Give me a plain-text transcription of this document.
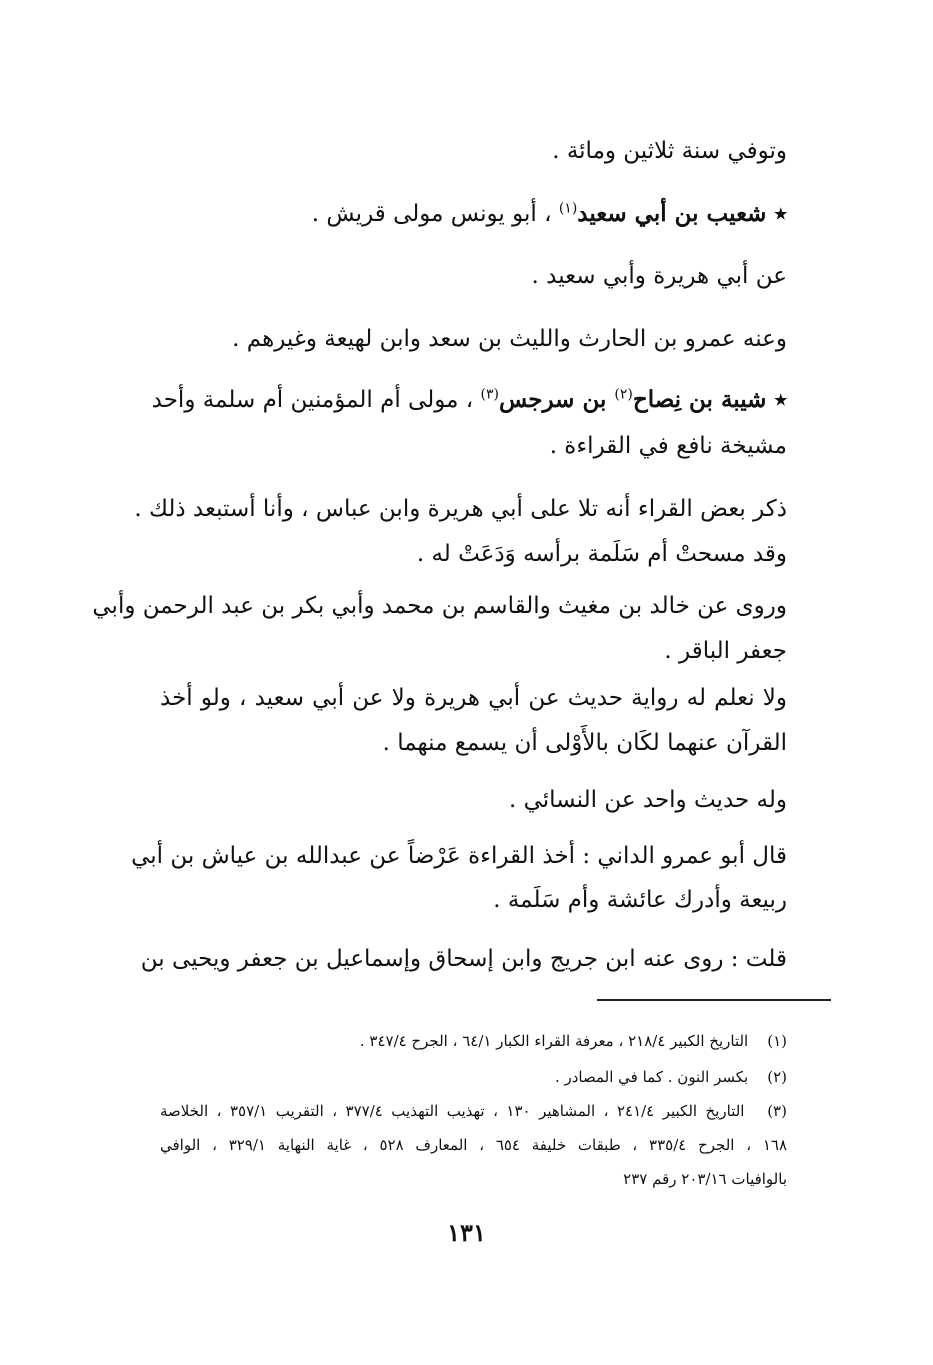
وتوفي سنة ثلاثين ومائة .
٭ شعيب بن أبي سعيد$^{(١)}$ ، أبو يونس مولى قريش .
عن أبي هريرة وأبي سعيد .
وعنه عمرو بن الحارث والليث بن سعد وابن لهيعة وغيرهم .
٭ شيبة بن نِصاح$^{(٢)}$ بن سرجس$^{(٣)}$ ، مولى أم المؤمنين أم سلمة وأحد
مشيخة نافع في القراءة .
ذكر بعض القراء أنه تلا على أبي هريرة وابن عباس ، وأنا أستبعد ذلك .
وقد مسحتْ أم سَلَمة برأسه وَدَعَتْ له .
وروى عن خالد بن مغيث والقاسم بن محمد وأبي بكر بن عبد الرحمن وأبي
جعفر الباقر .
ولا نعلم له رواية حديث عن أبي هريرة ولا عن أبي سعيد ، ولو أخذ
القرآن عنهما لكَان بالأَوْلى أن يسمع منهما .
وله حديث واحد عن النسائي .
قال أبو عمرو الداني : أخذ القراءة عَرْضاً عن عبدالله بن عياش بن أبي
ربيعة وأدرك عائشة وأم سَلَمة .
قلت : روى عنه ابن جريج وابن إسحاق وإسماعيل بن جعفر ويحيى بن
(١) التاريخ الكبير ٢١٨/٤ ، معرفة القراء الكبار ٦٤/١ ، الجرح ٣٤٧/٤ .
(٢) بكسر النون . كما في المصادر .
(٣) التاريخ الكبير ٢٤١/٤ ، المشاهير ١٣٠ ، تهذيب التهذيب ٣٧٧/٤ ، التقريب ٣٥٧/١ ، الخلاصة
١٦٨ ، الجرح ٣٣٥/٤ ، طبقات خليفة ٦٥٤ ، المعارف ٥٢٨ ، غاية النهاية ٣٢٩/١ ، الوافي
بالوافيات ٢٠٣/١٦ رقم ٢٣٧
١٣١
